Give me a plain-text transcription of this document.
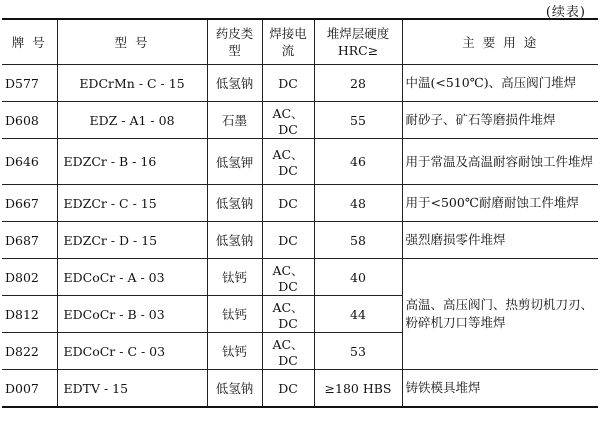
(续表)
牌 号	型 号	药皮类型	焊接电流	堆焊层硬度HRC≥	主 要 用 途
D577	EDCrMn - C - 15	低氢钠	DC	28	中温(<510℃)、高压阀门堆焊
D608	EDZ - A1 - 08	石墨	AC、DC	55	耐砂子、矿石等磨损件堆焊
D646	EDZCr - B - 16	低氢钾	AC、DC	46	用于常温及高温耐容耐蚀工件堆焊
D667	EDZCr - C - 15	低氢钠	DC	48	用于<500℃耐磨耐蚀工件堆焊
D687	EDZCr - D - 15	低氢钠	DC	58	强烈磨损零件堆焊
D802	EDCoCr - A - 03	钛钙	AC、DC	40	高温、高压阀门、热剪切机刀刃、粉碎机刀口等堆焊
D812	EDCoCr - B - 03	钛钙	AC、DC	44	
D822	EDCoCr - C - 03	钛钙	AC、DC	53	
D007	EDTV - 15	低氢钠	DC	≥180 HBS	铸铁模具堆焊
